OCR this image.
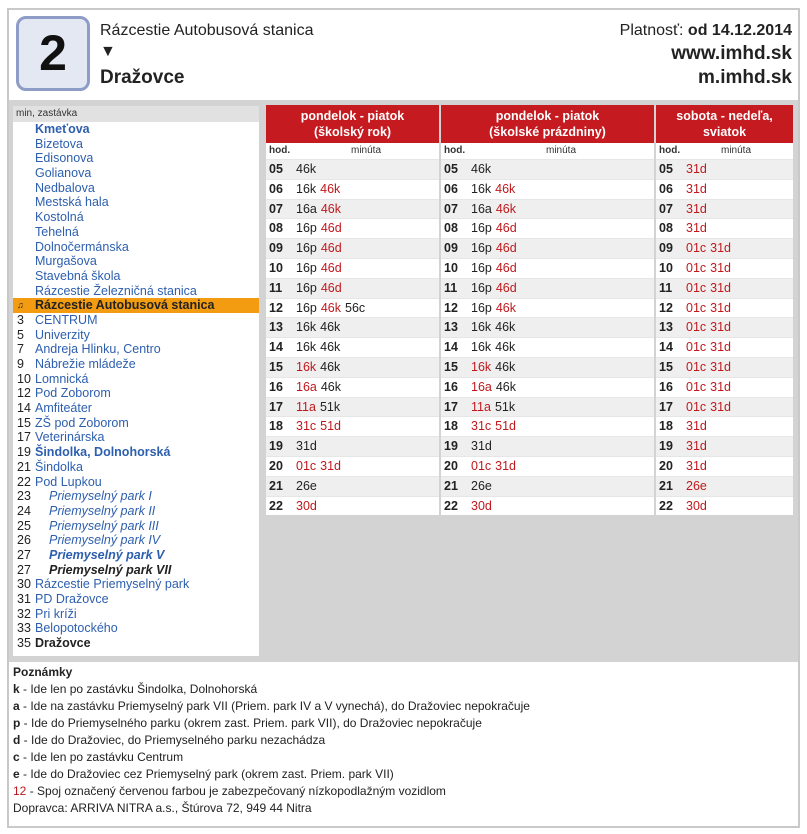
2	Rázcestie Autobusová stanica
▼
Dražovce
Platnosť: od 14.12.2014
www.imhd.sk
m.imhd.sk
min, zastávka
Kmeťova
Bizetova
Edisonova
Golianova
Nedbalova
Mestská hala
Kostolná
Tehelná
Dolnočermánska
Murgašova
Stavebná škola
Rázcestie Železničná stanica
♫ Rázcestie Autobusová stanica
3 CENTRUM
5 Univerzity
7 Andreja Hlinku, Centro
9 Nábrežie mládeže
10 Lomnická
12 Pod Zoborom
14 Amfiteáter
15 ZŠ pod Zoborom
17 Veterinárska
19 Šindolka, Dolnohorská
21 Šindolka
22 Pod Lupkou
23	Priemyselný park I
24	Priemyselný park II
25	Priemyselný park III
26	Priemyselný park IV
27	Priemyselný park V
27	Priemyselný park VII
30 Rázcestie Priemyselný park
31 PD Dražovce
32 Pri kríži
33 Belopotockého
35 Dražovce
pondelok - piatok
(školský rok)
hod.	minúta
05	46k
06	16k 46k
07	16a 46k
08	16p 46d
09	16p 46d
10	16p 46d
11	16p 46d
12	16p 46k 56c
13	16k 46k
14	16k 46k
15	16k 46k
16	16a 46k
17	11a 51k
18	31c 51d
19	31d
20	01c 31d
21	26e
22	30d
pondelok - piatok
(školské prázdniny)
hod.	minúta
05	46k
06	16k 46k
07	16a 46k
08	16p 46d
09	16p 46d
10	16p 46d
11	16p 46d
12	16p 46k
13	16k 46k
14	16k 46k
15	16k 46k
16	16a 46k
17	11a 51k
18	31c 51d
19	31d
20	01c 31d
21	26e
22	30d
sobota - nedeľa,
sviatok
hod.	minúta
05	31d
06	31d
07	31d
08	31d
09	01c 31d
10	01c 31d
11	01c 31d
12	01c 31d
13	01c 31d
14	01c 31d
15	01c 31d
16	01c 31d
17	01c 31d
18	31d
19	31d
20	31d
21	26e
22	30d
Poznámky
k - Ide len po zastávku Šindolka, Dolnohorská
a - Ide na zastávku Priemyselný park VII (Priem. park IV a V vynechá), do Dražoviec nepokračuje
p - Ide do Priemyselného parku (okrem zast. Priem. park VII), do Dražoviec nepokračuje
d - Ide do Dražoviec, do Priemyselného parku nezachádza
c - Ide len po zastávku Centrum
e - Ide do Dražoviec cez Priemyselný park (okrem zast. Priem. park VII)
12 - Spoj označený červenou farbou je zabezpečovaný nízkopodlažným vozidlom
Dopravca: ARRIVA NITRA a.s., Štúrova 72, 949 44 Nitra
